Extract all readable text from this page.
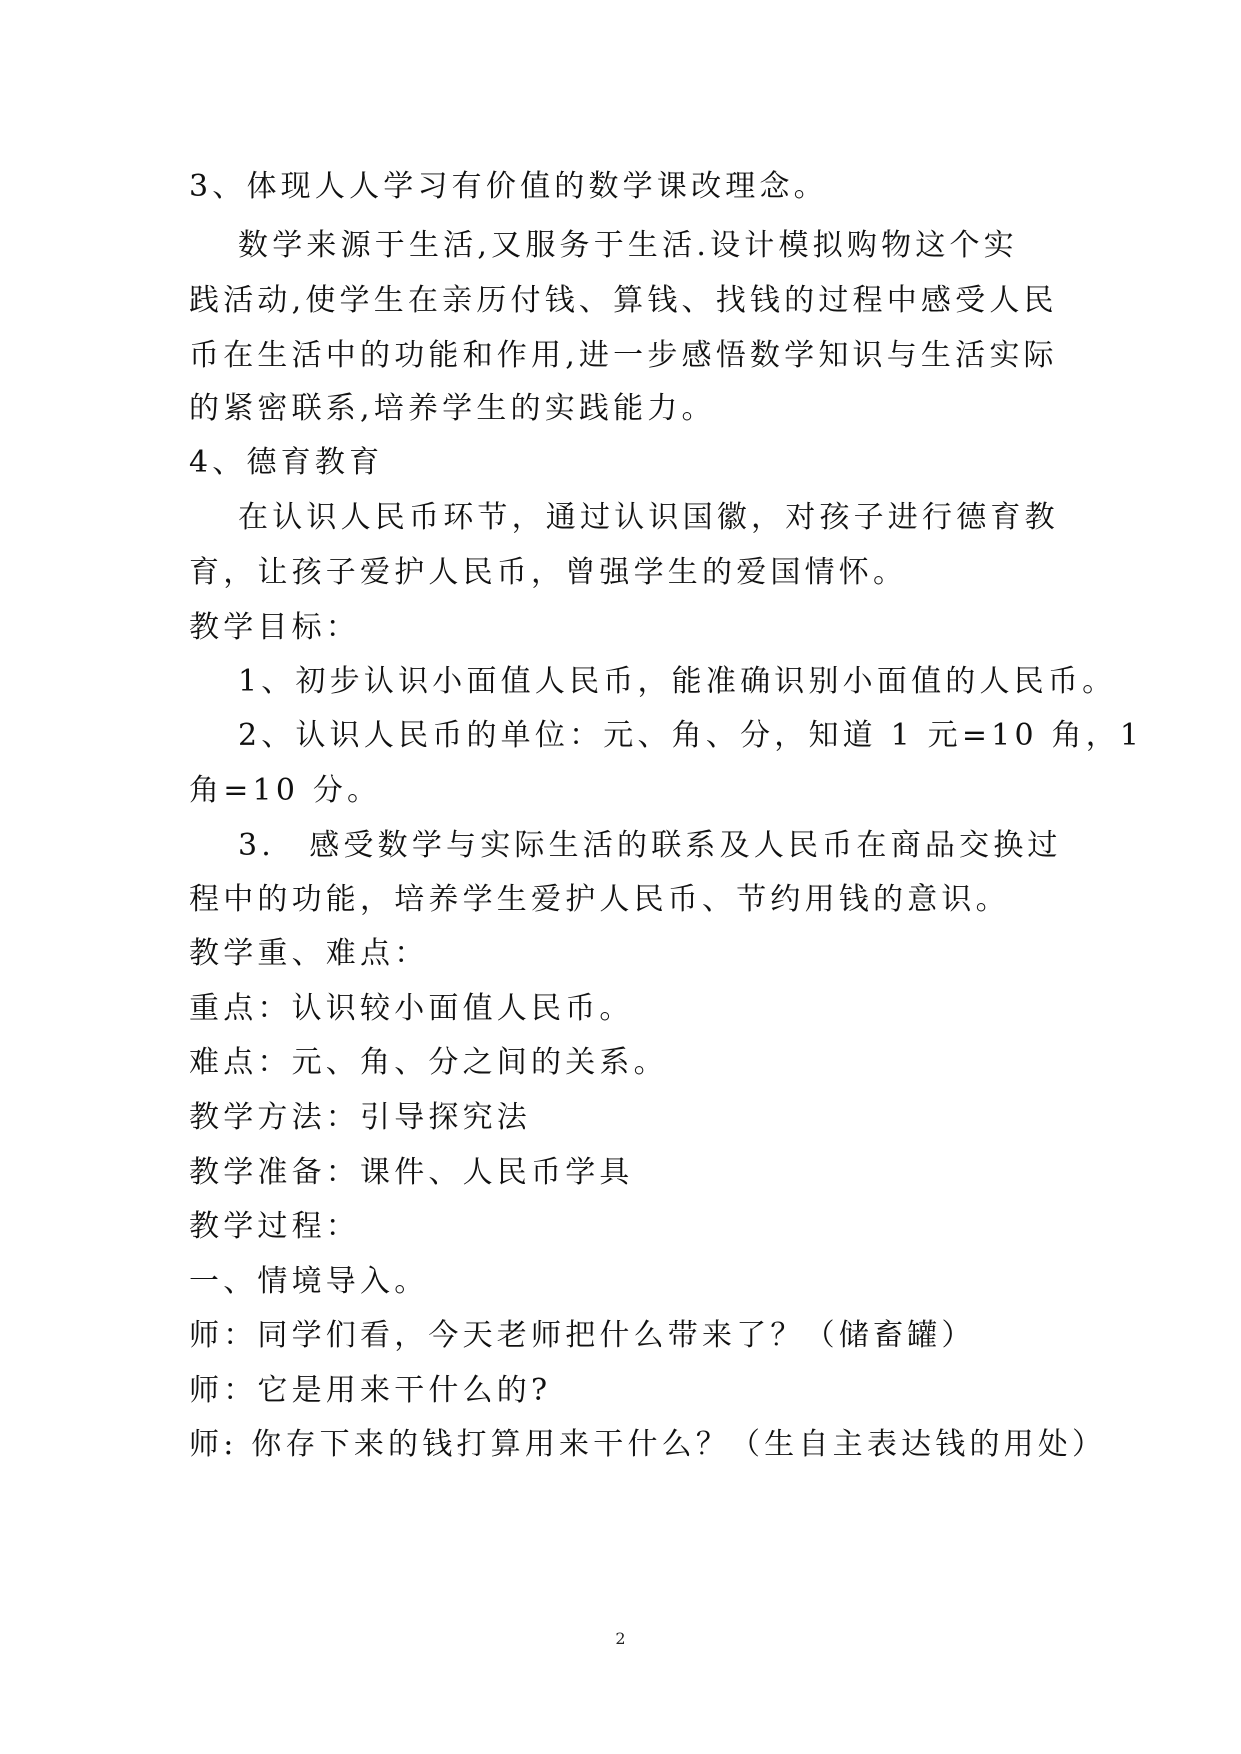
3、体现人人学习有价值的数学课改理念。
数学来源于生活,又服务于生活.设计模拟购物这个实
践活动,使学生在亲历付钱、算钱、找钱的过程中感受人民
币在生活中的功能和作用,进一步感悟数学知识与生活实际
的紧密联系,培养学生的实践能力。
4、德育教育
在认识人民币环节，通过认识国徽，对孩子进行德育教
育，让孩子爱护人民币，曾强学生的爱国情怀。
教学目标：
1、初步认识小面值人民币，能准确识别小面值的人民币。
2、认识人民币的单位：元、角、分，知道 1 元=10 角，1
角=10 分。
3.　感受数学与实际生活的联系及人民币在商品交换过
程中的功能，培养学生爱护人民币、节约用钱的意识。
教学重、难点：
重点：认识较小面值人民币。
难点：元、角、分之间的关系。
教学方法：引导探究法
教学准备：课件、人民币学具
教学过程：
一、情境导入。
师：同学们看，今天老师把什么带来了？（储畜罐）
师：它是用来干什么的?
师: 你存下来的钱打算用来干什么？（生自主表达钱的用处）
2
